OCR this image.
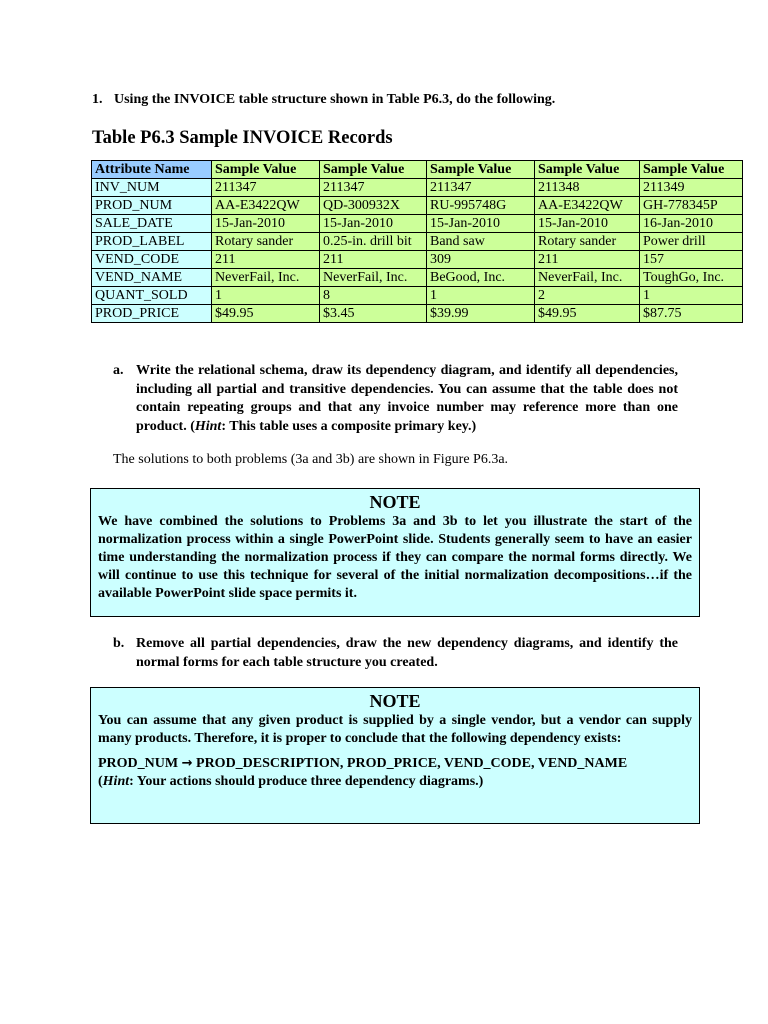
1. Using the INVOICE table structure shown in Table P6.3, do the following.
Table P6.3 Sample INVOICE Records
Attribute Name	Sample Value	Sample Value	Sample Value	Sample Value	Sample Value
INV_NUM	211347	211347	211347	211348	211349
PROD_NUM	AA-E3422QW	QD-300932X	RU-995748G	AA-E3422QW	GH-778345P
SALE_DATE	15-Jan-2010	15-Jan-2010	15-Jan-2010	15-Jan-2010	16-Jan-2010
PROD_LABEL	Rotary sander	0.25-in. drill bit	Band saw	Rotary sander	Power drill
VEND_CODE	211	211	309	211	157
VEND_NAME	NeverFail, Inc.	NeverFail, Inc.	BeGood, Inc.	NeverFail, Inc.	ToughGo, Inc.
QUANT_SOLD	1	8	1	2	1
PROD_PRICE	$49.95	$3.45	$39.99	$49.95	$87.75
a. Write the relational schema, draw its dependency diagram, and identify all dependencies, including all partial and transitive dependencies. You can assume that the table does not contain repeating groups and that any invoice number may reference more than one product. (Hint: This table uses a composite primary key.)
The solutions to both problems (3a and 3b) are shown in Figure P6.3a.
NOTE
We have combined the solutions to Problems 3a and 3b to let you illustrate the start of the normalization process within a single PowerPoint slide. Students generally seem to have an easier time understanding the normalization process if they can compare the normal forms directly. We will continue to use this technique for several of the initial normalization decompositions…if the available PowerPoint slide space permits it.
b. Remove all partial dependencies, draw the new dependency diagrams, and identify the normal forms for each table structure you created.
NOTE
You can assume that any given product is supplied by a single vendor, but a vendor can supply many products. Therefore, it is proper to conclude that the following dependency exists:
PROD_NUM → PROD_DESCRIPTION, PROD_PRICE, VEND_CODE, VEND_NAME
(Hint: Your actions should produce three dependency diagrams.)
